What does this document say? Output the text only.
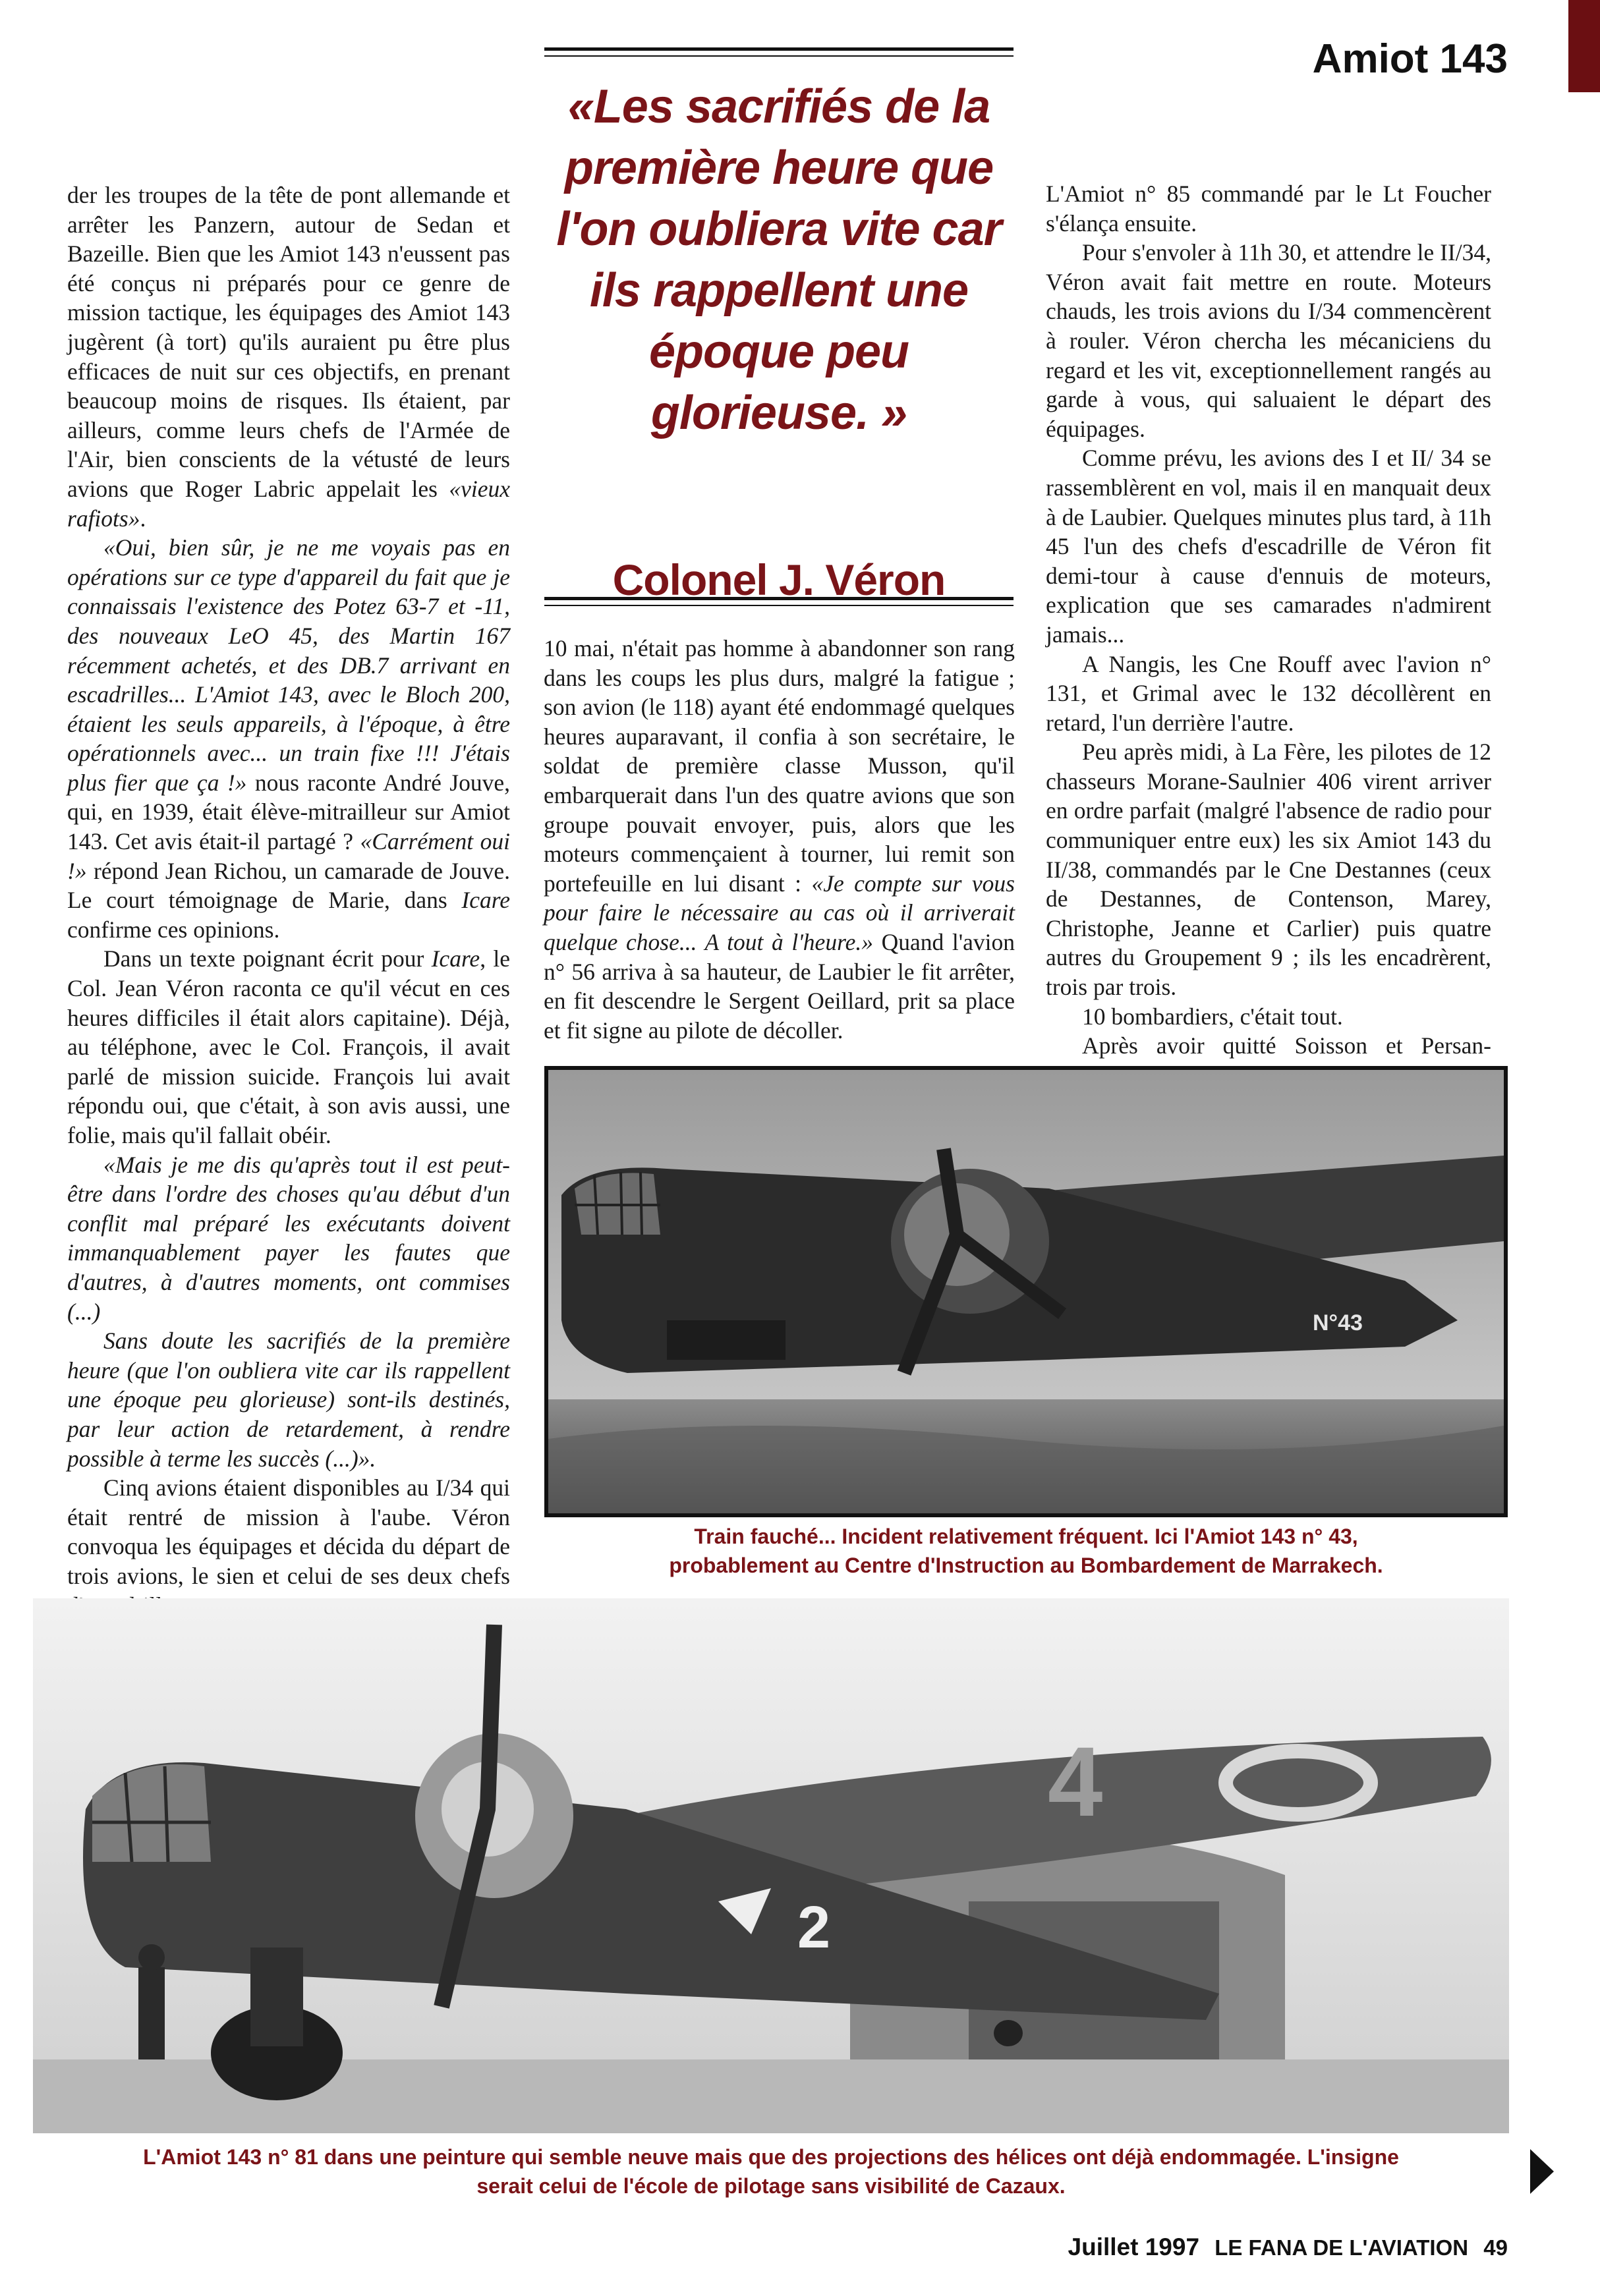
Amiot 143

der les troupes de la tête de pont allemande et arrêter les Panzern, autour de Sedan et Bazeille. Bien que les Amiot 143 n'eussent pas été conçus ni préparés pour ce genre de mission tactique, les équipages des Amiot 143 jugèrent (à tort) qu'ils auraient pu être plus efficaces de nuit sur ces objectifs, en prenant beaucoup moins de risques. Ils étaient, par ailleurs, comme leurs chefs de l'Armée de l'Air, bien conscients de la vétusté de leurs avions que Roger Labric appelait les «vieux rafiots».

«Oui, bien sûr, je ne me voyais pas en opérations sur ce type d'appareil du fait que je connaissais l'existence des Potez 63-7 et -11, des nouveaux LeO 45, des Martin 167 récemment achetés, et des DB.7 arrivant en escadrilles... L'Amiot 143, avec le Bloch 200, étaient les seuls appareils, à l'époque, à être opérationnels avec... un train fixe !!! J'étais plus fier que ça !» nous raconte André Jouve, qui, en 1939, était élève-mitrailleur sur Amiot 143. Cet avis était-il partagé ? «Carrément oui !» répond Jean Richou, un camarade de Jouve. Le court témoignage de Marie, dans Icare confirme ces opinions.

Dans un texte poignant écrit pour Icare, le Col. Jean Véron raconta ce qu'il vécut en ces heures difficiles il était alors capitaine). Déjà, au téléphone, avec le Col. François, il avait parlé de mission suicide. François lui avait répondu oui, que c'était, à son avis aussi, une folie, mais qu'il fallait obéir.

«Mais je me dis qu'après tout il est peut-être dans l'ordre des choses qu'au début d'un conflit mal préparé les exécutants doivent immanquablement payer les fautes que d'autres, à d'autres moments, ont commises (...)

Sans doute les sacrifiés de la première heure (que l'on oubliera vite car ils rappellent une époque peu glorieuse) sont-ils destinés, par leur action de retardement, à rendre possible à terme les succès (...)».

Cinq avions étaient disponibles au I/34 qui était rentré de mission à l'aube. Véron convoqua les équipages et décida du départ de trois avions, le sien et celui de ses deux chefs

«Les sacrifiés de la première heure que l'on oubliera vite car ils rappellent une époque peu glorieuse. »
Colonel J. Véron

10 mai, n'était pas homme à abandonner son rang dans les coups les plus durs, malgré la fatigue ; son avion (le 118) ayant été endommagé quelques heures auparavant, il confia à son secrétaire, le soldat de première classe Musson, qu'il embarquerait dans l'un des quatre avions que son groupe pouvait envoyer, puis, alors que les moteurs commençaient à tourner, lui remit son portefeuille en lui disant : «Je compte sur vous pour faire le nécessaire au cas où il arriverait quelque chose... A tout à l'heure.» Quand l'avion n° 56 arriva à sa hauteur, de Laubier le fit arrêter, en fit descendre le Sergent Oeillard, prit sa place et fit signe au pilote de décoller.

L'Amiot n° 85 commandé par le Lt Foucher s'élança ensuite.

Pour s'envoler à 11h 30, et attendre le II/34, Véron avait fait mettre en route. Moteurs chauds, les trois avions du I/34 commencèrent à rouler. Véron chercha les mécaniciens du regard et les vit, exceptionnellement rangés au garde à vous, qui saluaient le départ des équipages.

Comme prévu, les avions des I et II/ 34 se rassemblèrent en vol, mais il en manquait deux à de Laubier. Quelques minutes plus tard, à 11h 45 l'un des chefs d'escadrille de Véron fit demi-tour à cause d'ennuis de moteurs, explication que ses camarades n'admirent jamais...

A Nangis, les Cne Rouff avec l'avion n° 131, et Grimal avec le 132 décollèrent en retard, l'un derrière l'autre.

Peu après midi, à La Fère, les pilotes de 12 chasseurs Morane-Saulnier 406 virent arriver en ordre parfait (malgré l'absence de radio pour communiquer entre eux) les six Amiot 143 du II/38, commandés par le Cne Destannes (ceux de Destannes, de Contenson, Marey, Christophe, Jeanne et Carlier) puis quatre autres du Groupement 9 ; ils les encadrèrent, trois par trois.

10 bombardiers, c'était tout.

Après avoir quitté Soisson et Persan-

N°43
Train fauché... Incident relativement fréquent. Ici l'Amiot 143 n° 43,
probablement au Centre d'Instruction au Bombardement de Marrakech.
4
2
L'Amiot 143 n° 81 dans une peinture qui semble neuve mais que des projections des hélices ont déjà endommagée. L'insigne
serait celui de l'école de pilotage sans visibilité de Cazaux.
Juillet 1997 LE FANA DE L'AVIATION 49
